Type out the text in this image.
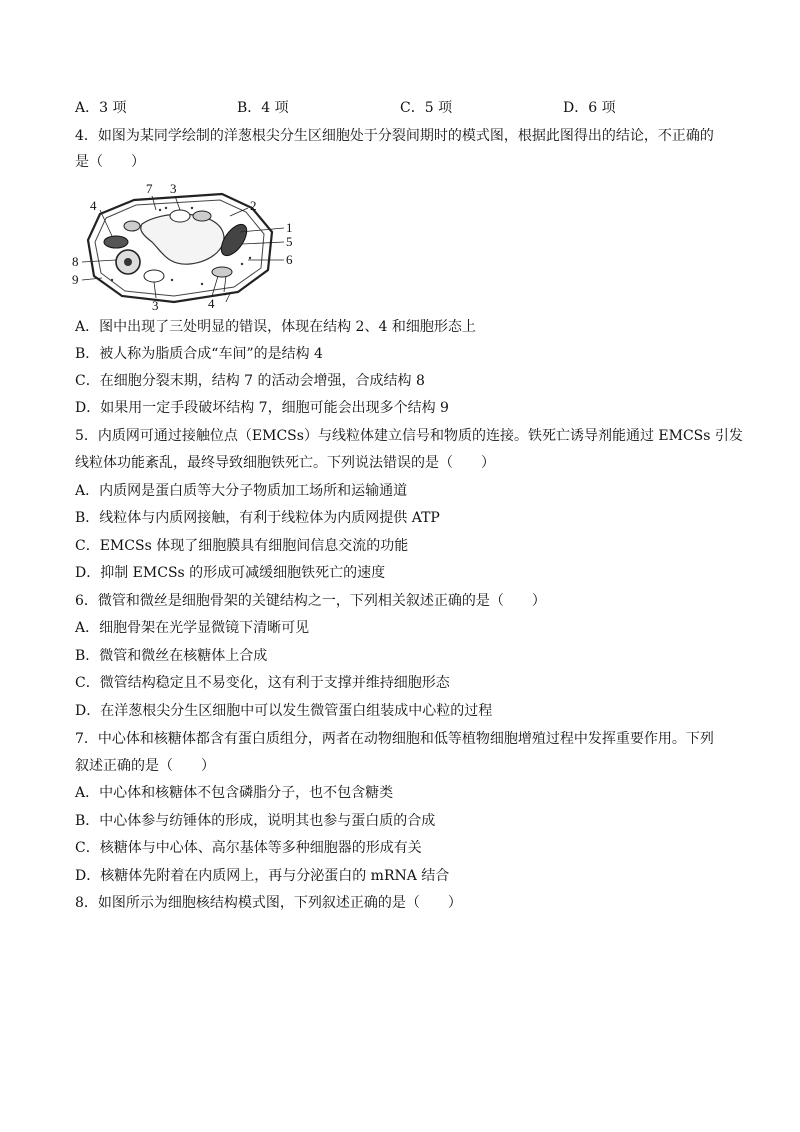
A．3 项	B．4 项	C．5 项	D．6 项
4．如图为某同学绘制的洋葱根尖分生区细胞处于分裂间期时的模式图，根据此图得出的结论，不正确的
是（　　）
7 3
4	2
1
5
6
8
9
3	4 7
A．图中出现了三处明显的错误，体现在结构 2、4 和细胞形态上
B．被人称为脂质合成“车间”的是结构 4
C．在细胞分裂末期，结构 7 的活动会增强，合成结构 8
D．如果用一定手段破坏结构 7，细胞可能会出现多个结构 9
5．内质网可通过接触位点（EMCSs）与线粒体建立信号和物质的连接。铁死亡诱导剂能通过 EMCSs 引发
线粒体功能紊乱，最终导致细胞铁死亡。下列说法错误的是（　　）
A．内质网是蛋白质等大分子物质加工场所和运输通道
B．线粒体与内质网接触，有利于线粒体为内质网提供 ATP
C．EMCSs 体现了细胞膜具有细胞间信息交流的功能
D．抑制 EMCSs 的形成可减缓细胞铁死亡的速度
6．微管和微丝是细胞骨架的关键结构之一，下列相关叙述正确的是（　　）
A．细胞骨架在光学显微镜下清晰可见
B．微管和微丝在核糖体上合成
C．微管结构稳定且不易变化，这有利于支撑并维持细胞形态
D．在洋葱根尖分生区细胞中可以发生微管蛋白组装成中心粒的过程
7．中心体和核糖体都含有蛋白质组分，两者在动物细胞和低等植物细胞增殖过程中发挥重要作用。下列
叙述正确的是（　　）
A．中心体和核糖体不包含磷脂分子，也不包含糖类
B．中心体参与纺锤体的形成，说明其也参与蛋白质的合成
C．核糖体与中心体、高尔基体等多种细胞器的形成有关
D．核糖体先附着在内质网上，再与分泌蛋白的 mRNA 结合
8．如图所示为细胞核结构模式图，下列叙述正确的是（　　）
